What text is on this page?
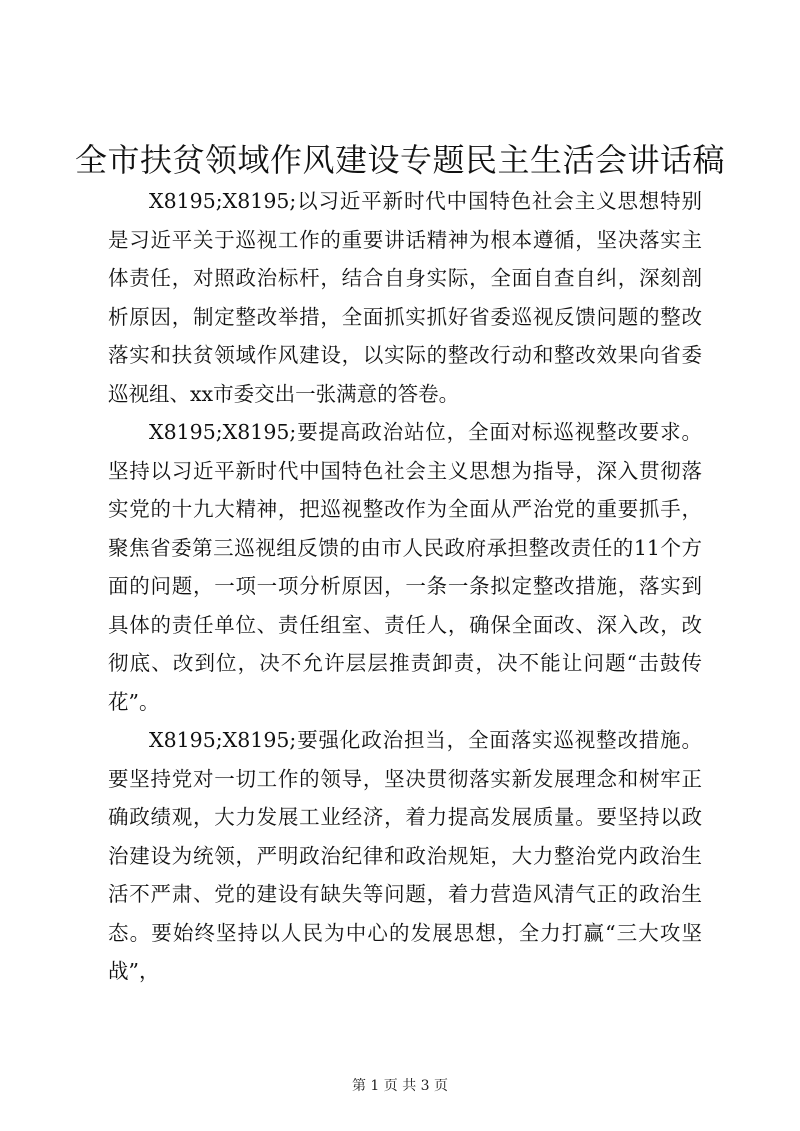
全市扶贫领域作风建设专题民主生活会讲话稿

X8195;X8195;以习近平新时代中国特色社会主义思想特别是习近平关于巡视工作的重要讲话精神为根本遵循，坚决落实主体责任，对照政治标杆，结合自身实际，全面自查自纠，深刻剖析原因，制定整改举措，全面抓实抓好省委巡视反馈问题的整改落实和扶贫领域作风建设，以实际的整改行动和整改效果向省委巡视组、xx市委交出一张满意的答卷。

X8195;X8195;要提高政治站位，全面对标巡视整改要求。坚持以习近平新时代中国特色社会主义思想为指导，深入贯彻落实党的十九大精神，把巡视整改作为全面从严治党的重要抓手，聚焦省委第三巡视组反馈的由市人民政府承担整改责任的11个方面的问题，一项一项分析原因，一条一条拟定整改措施，落实到具体的责任单位、责任组室、责任人，确保全面改、深入改，改彻底、改到位，决不允许层层推责卸责，决不能让问题“击鼓传花”。

X8195;X8195;要强化政治担当，全面落实巡视整改措施。要坚持党对一切工作的领导，坚决贯彻落实新发展理念和树牢正确政绩观，大力发展工业经济，着力提高发展质量。要坚持以政治建设为统领，严明政治纪律和政治规矩，大力整治党内政治生活不严肃、党的建设有缺失等问题，着力营造风清气正的政治生态。要始终坚持以人民为中心的发展思想，全力打赢“三大攻坚战”，

第 1 页 共 3 页
